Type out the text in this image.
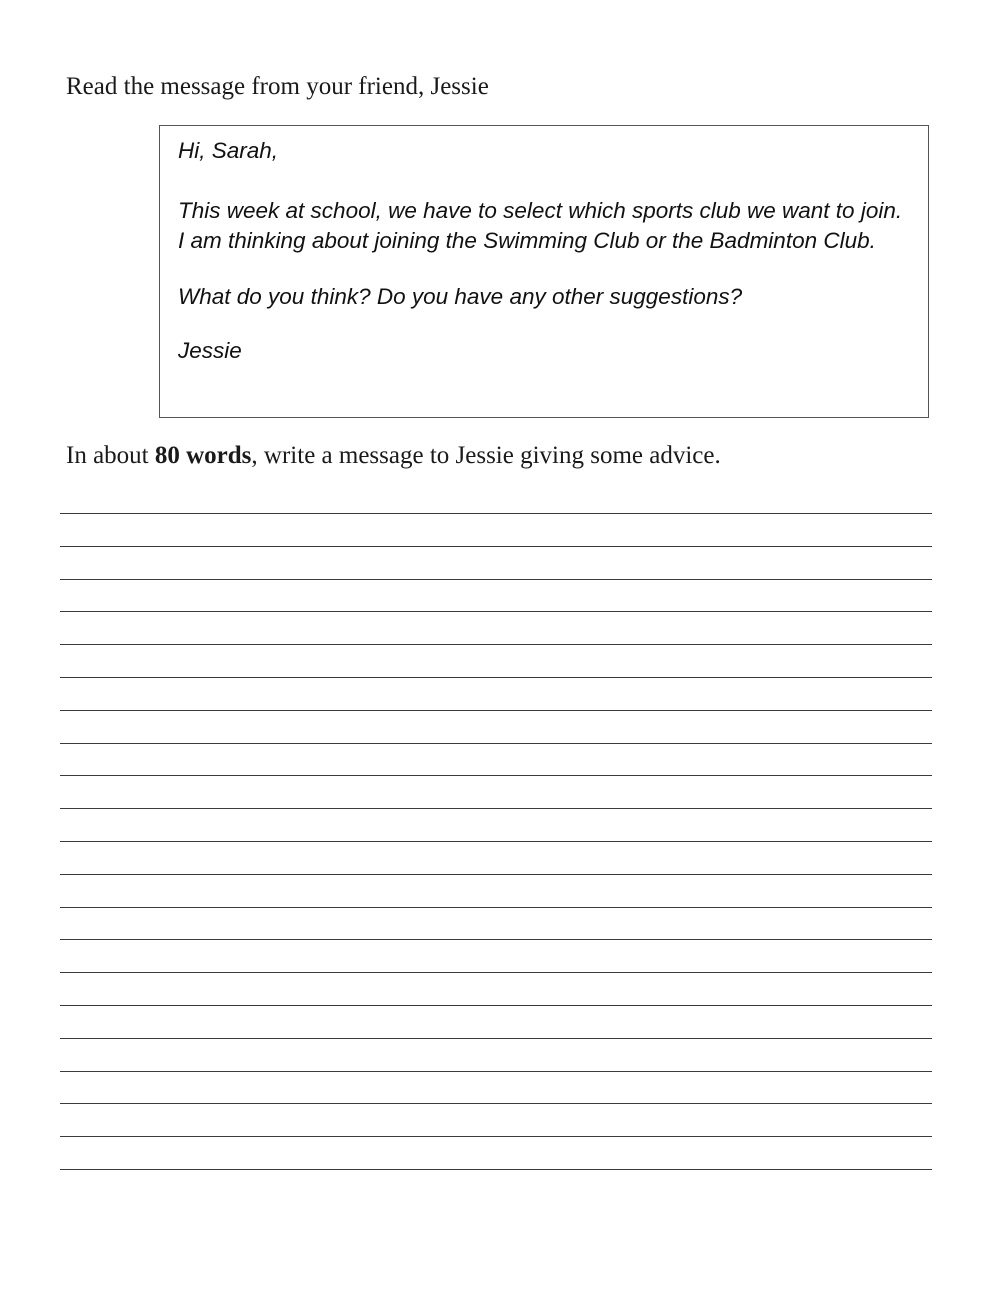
Read the message from your friend, Jessie

Hi, Sarah,

This week at school, we have to select which sports club we want to join.

I am thinking about joining the Swimming Club or the Badminton Club.

What do you think? Do you have any other suggestions?

Jessie

In about 80 words, write a message to Jessie giving some advice.
